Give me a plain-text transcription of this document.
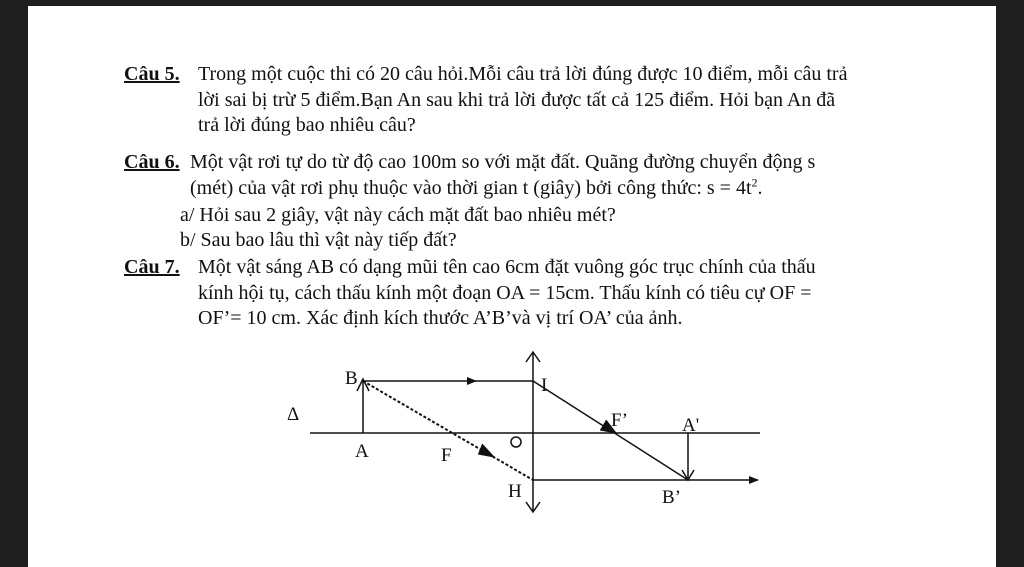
Câu 5. Trong một cuộc thi có 20 câu hỏi.Mỗi câu trả lời đúng được 10 điểm, mỗi câu trả
lời sai bị trừ 5 điểm.Bạn An sau khi trả lời được tất cả 125 điểm. Hỏi bạn An đã
trả lời đúng bao nhiêu câu?
Câu 6. Một vật rơi tự do từ độ cao 100m so với mặt đất. Quãng đường chuyển động s
(mét) của vật rơi phụ thuộc vào thời gian t (giây) bởi công thức: $s = 4t^2$.
a/ Hỏi sau 2 giây, vật này cách mặt đất bao nhiêu mét?
b/ Sau bao lâu thì vật này tiếp đất?
Câu 7. Một vật sáng AB có dạng mũi tên cao 6cm đặt vuông góc trục chính của thấu
kính hội tụ, cách thấu kính một đoạn OA = 15cm. Thấu kính có tiêu cự OF =
OF’= 10 cm. Xác định kích thước A’B’và vị trí OA’ của ảnh.
B
Δ
A	F
I
F’	A'
H	B’
